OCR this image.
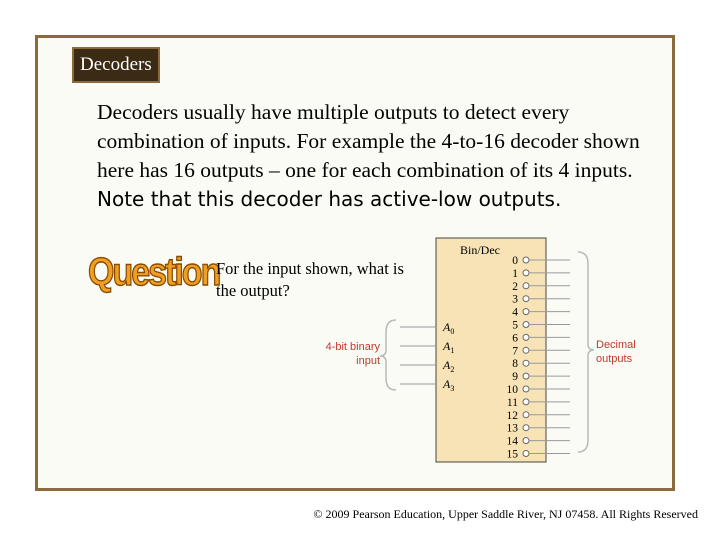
Decoders
Decoders usually have multiple outputs to detect every combination of inputs. For example the 4-to-16 decoder shown here has 16 outputs – one for each combination of its 4 inputs. Note that this decoder has active-low outputs.
Question
For the input shown, what is the output?
Bin/Dec
4-bit binary
input
Decimal
outputs
$A_0$
$A_1$
$A_2$
$A_3$
0
1
2
3
4
5
6
7
8
9
10
11
12
13
14
15
© 2009 Pearson Education, Upper Saddle River, NJ 07458. All Rights Reserved
